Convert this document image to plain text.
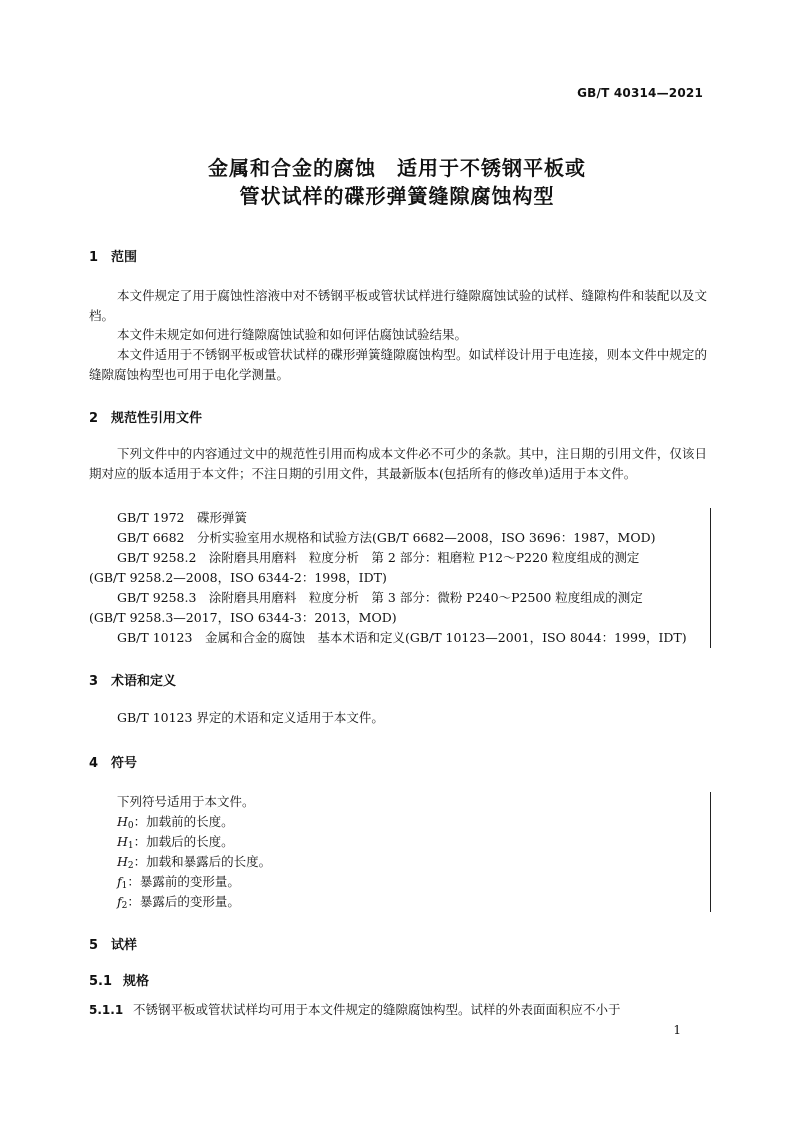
GB/T 40314—2021
金属和合金的腐蚀　适用于不锈钢平板或
管状试样的碟形弹簧缝隙腐蚀构型
1 范围

本文件规定了用于腐蚀性溶液中对不锈钢平板或管状试样进行缝隙腐蚀试验的试样、缝隙构件和装配以及文档。

本文件未规定如何进行缝隙腐蚀试验和如何评估腐蚀试验结果。

本文件适用于不锈钢平板或管状试样的碟形弹簧缝隙腐蚀构型。如试样设计用于电连接，则本文件中规定的缝隙腐蚀构型也可用于电化学测量。

2 规范性引用文件

下列文件中的内容通过文中的规范性引用而构成本文件必不可少的条款。其中，注日期的引用文件，仅该日期对应的版本适用于本文件；不注日期的引用文件，其最新版本(包括所有的修改单)适用于本文件。

GB/T 1972　碟形弹簧
GB/T 6682　分析实验室用水规格和试验方法(GB/T 6682—2008，ISO 3696：1987，MOD)
GB/T 9258.2　涂附磨具用磨料　粒度分析　第 2 部分：粗磨粒 P12～P220 粒度组成的测定
(GB/T 9258.2—2008，ISO 6344-2：1998，IDT)
GB/T 9258.3　涂附磨具用磨料　粒度分析　第 3 部分：微粉 P240～P2500 粒度组成的测定
(GB/T 9258.3—2017，ISO 6344-3：2013，MOD)
GB/T 10123　金属和合金的腐蚀　基本术语和定义(GB/T 10123—2001，ISO 8044：1999，IDT)
3 术语和定义
GB/T 10123 界定的术语和定义适用于本文件。
4 符号
下列符号适用于本文件。
$H_0$：加载前的长度。
$H_1$：加载后的长度。
$H_2$：加载和暴露后的长度。
$f_1$：暴露前的变形量。
$f_2$：暴露后的变形量。
5 试样
5.1 规格
5.1.1 不锈钢平板或管状试样均可用于本文件规定的缝隙腐蚀构型。试样的外表面面积应不小于
1
